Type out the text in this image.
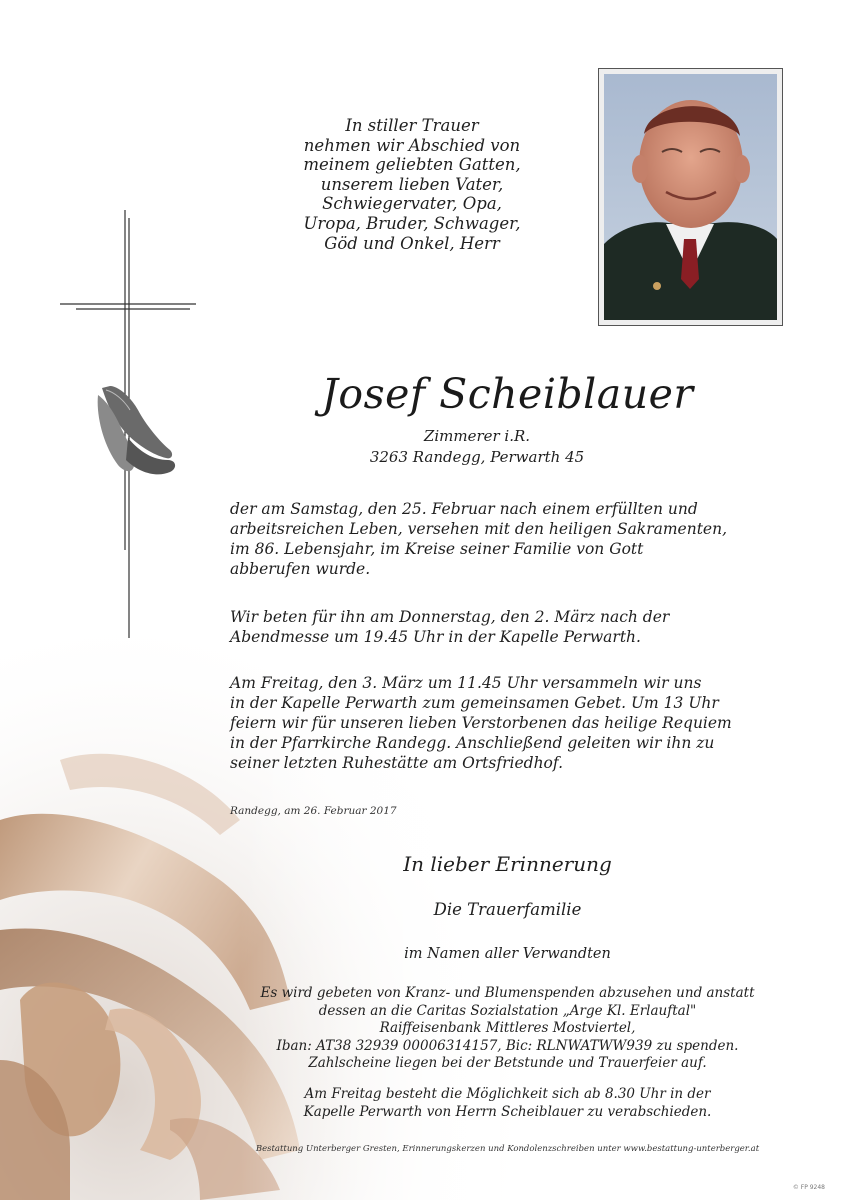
In stiller Trauer
nehmen wir Abschied von
meinem geliebten Gatten,
unserem lieben Vater,
Schwiegervater, Opa,
Uropa, Bruder, Schwager,
Göd und Onkel, Herr
Josef Scheiblauer
Zimmerer i.R.
3263 Randegg, Perwarth 45
der am Samstag, den 25. Februar nach einem erfüllten und
arbeitsreichen Leben, versehen mit den heiligen Sakramenten,
im 86. Lebensjahr, im Kreise seiner Familie von Gott
abberufen wurde.
Wir beten für ihn am Donnerstag, den 2. März nach der
Abendmesse um 19.45 Uhr in der Kapelle Perwarth.
Am Freitag, den 3. März um 11.45 Uhr versammeln wir uns
in der Kapelle Perwarth zum gemeinsamen Gebet. Um 13 Uhr
feiern wir für unseren lieben Verstorbenen das heilige Requiem
in der Pfarrkirche Randegg. Anschließend geleiten wir ihn zu
seiner letzten Ruhestätte am Ortsfriedhof.
Randegg, am 26. Februar 2017
In lieber Erinnerung
Die Trauerfamilie
im Namen aller Verwandten
Es wird gebeten von Kranz- und Blumenspenden abzusehen und anstatt
dessen an die Caritas Sozialstation „Arge Kl. Erlauftal"
Raiffeisenbank Mittleres Mostviertel,
Iban: AT38 32939 00006314157, Bic: RLNWATWW939 zu spenden.
Zahlscheine liegen bei der Betstunde und Trauerfeier auf.
Am Freitag besteht die Möglichkeit sich ab 8.30 Uhr in der
Kapelle Perwarth von Herrn Scheiblauer zu verabschieden.
Bestattung Unterberger Gresten, Erinnerungskerzen und Kondolenzschreiben unter www.bestattung-unterberger.at
© FP 9248
